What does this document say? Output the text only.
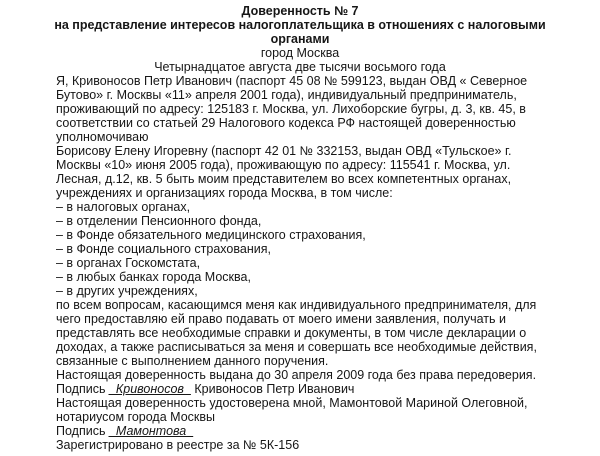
Доверенность № 7
на представление интересов налогоплательщика в отношениях с налоговыми
органами
город Москва
Четырнадцатое августа две тысячи восьмого года
Я, Кривоносов Петр Иванович (паспорт 45 08 № 599123, выдан ОВД « Северное
Бутово» г. Москвы «11» апреля 2001 года), индивидуальный предприниматель,
проживающий по адресу: 125183 г. Москва, ул. Лихоборские бугры, д. 3, кв. 45, в
соответствии со статьей 29 Налогового кодекса РФ настоящей доверенностью
уполномочиваю
Борисову Елену Игоревну (паспорт 42 01 № 332153, выдан ОВД «Тульское» г.
Москвы «10» июня 2005 года), проживающую по адресу: 115541 г. Москва, ул.
Лесная, д.12, кв. 5 быть моим представителем во всех компетентных органах,
учреждениях и организациях города Москва, в том числе:
– в налоговых органах,
– в отделении Пенсионного фонда,
– в Фонде обязательного медицинского страхования,
– в Фонде социального страхования,
– в органах Госкомстата,
– в любых банках города Москва,
– в других учреждениях,
по всем вопросам, касающимся меня как индивидуального предпринимателя, для
чего предоставляю ей право подавать от моего имени заявления, получать и
представлять все необходимые справки и документы, в том числе декларации о
доходах, а также расписываться за меня и совершать все необходимые действия,
связанные с выполнением данного поручения.
Настоящая доверенность выдана до 30 апреля 2009 года без права передоверия.
Подпись _Кривоносов_ Кривоносов Петр Иванович
Настоящая доверенность удостоверена мной, Мамонтовой Мариной Олеговной,
нотариусом города Москвы
Подпись _Мамонтова_
Зарегистрировано в реестре за № 5К-156
